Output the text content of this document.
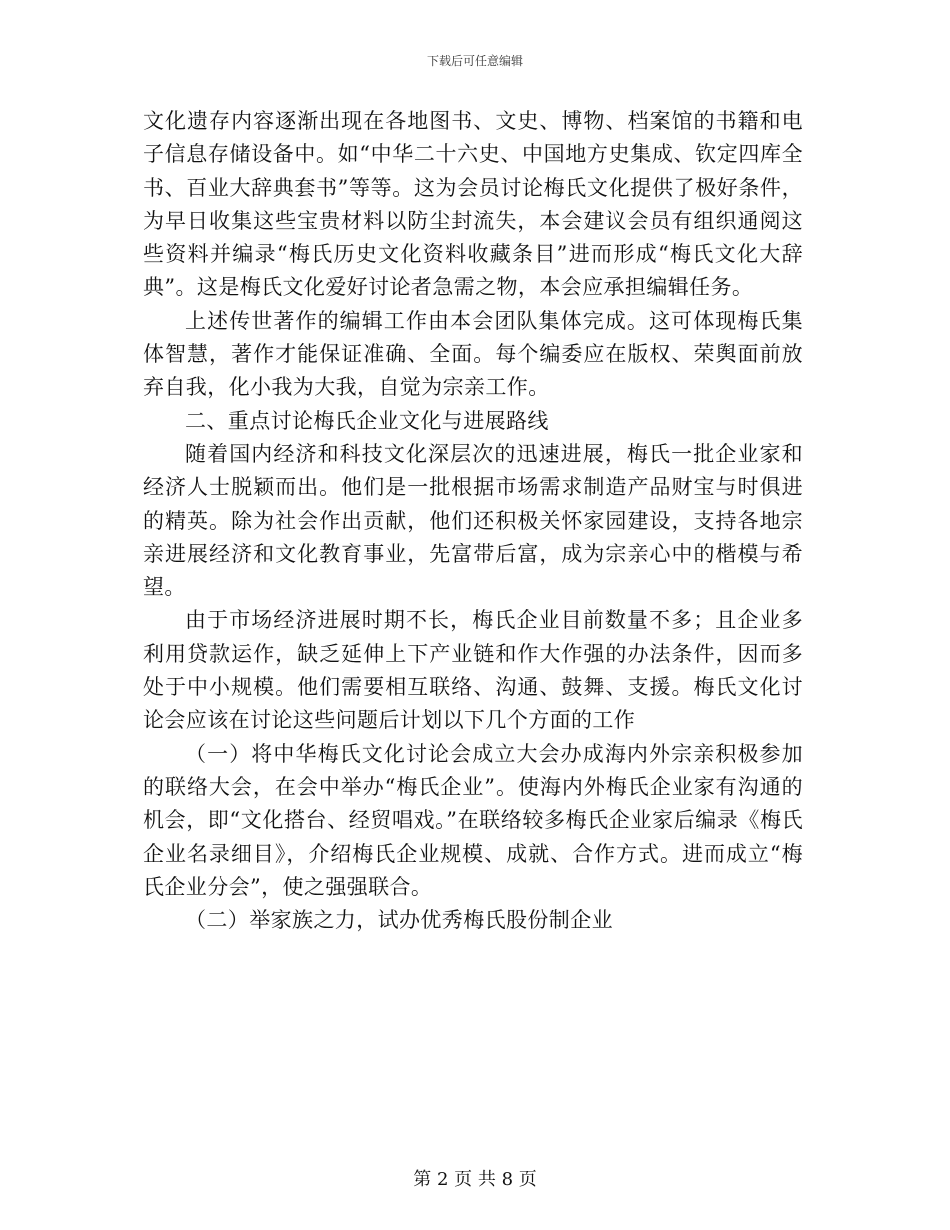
下载后可任意编辑

文化遗存内容逐渐出现在各地图书、文史、博物、档案馆的书籍和电子信息存储设备中。如“中华二十六史、中国地方史集成、钦定四库全书、百业大辞典套书”等等。这为会员讨论梅氏文化提供了极好条件，为早日收集这些宝贵材料以防尘封流失，本会建议会员有组织通阅这些资料并编录“梅氏历史文化资料收藏条目”进而形成“梅氏文化大辞典”。这是梅氏文化爱好讨论者急需之物，本会应承担编辑任务。

上述传世著作的编辑工作由本会团队集体完成。这可体现梅氏集体智慧，著作才能保证准确、全面。每个编委应在版权、荣舆面前放弃自我，化小我为大我，自觉为宗亲工作。

二、重点讨论梅氏企业文化与进展路线

随着国内经济和科技文化深层次的迅速进展，梅氏一批企业家和经济人士脱颖而出。他们是一批根据市场需求制造产品财宝与时俱进的精英。除为社会作出贡献，他们还积极关怀家园建设，支持各地宗亲进展经济和文化教育事业，先富带后富，成为宗亲心中的楷模与希望。

由于市场经济进展时期不长，梅氏企业目前数量不多；且企业多利用贷款运作，缺乏延伸上下产业链和作大作强的办法条件，因而多处于中小规模。他们需要相互联络、沟通、鼓舞、支援。梅氏文化讨论会应该在讨论这些问题后计划以下几个方面的工作

（一）将中华梅氏文化讨论会成立大会办成海内外宗亲积极参加的联络大会，在会中举办“梅氏企业”。使海内外梅氏企业家有沟通的机会，即“文化搭台、经贸唱戏。”在联络较多梅氏企业家后编录《梅氏企业名录细目》，介绍梅氏企业规模、成就、合作方式。进而成立“梅氏企业分会”，使之强强联合。

（二）举家族之力，试办优秀梅氏股份制企业

第 2 页 共 8 页
